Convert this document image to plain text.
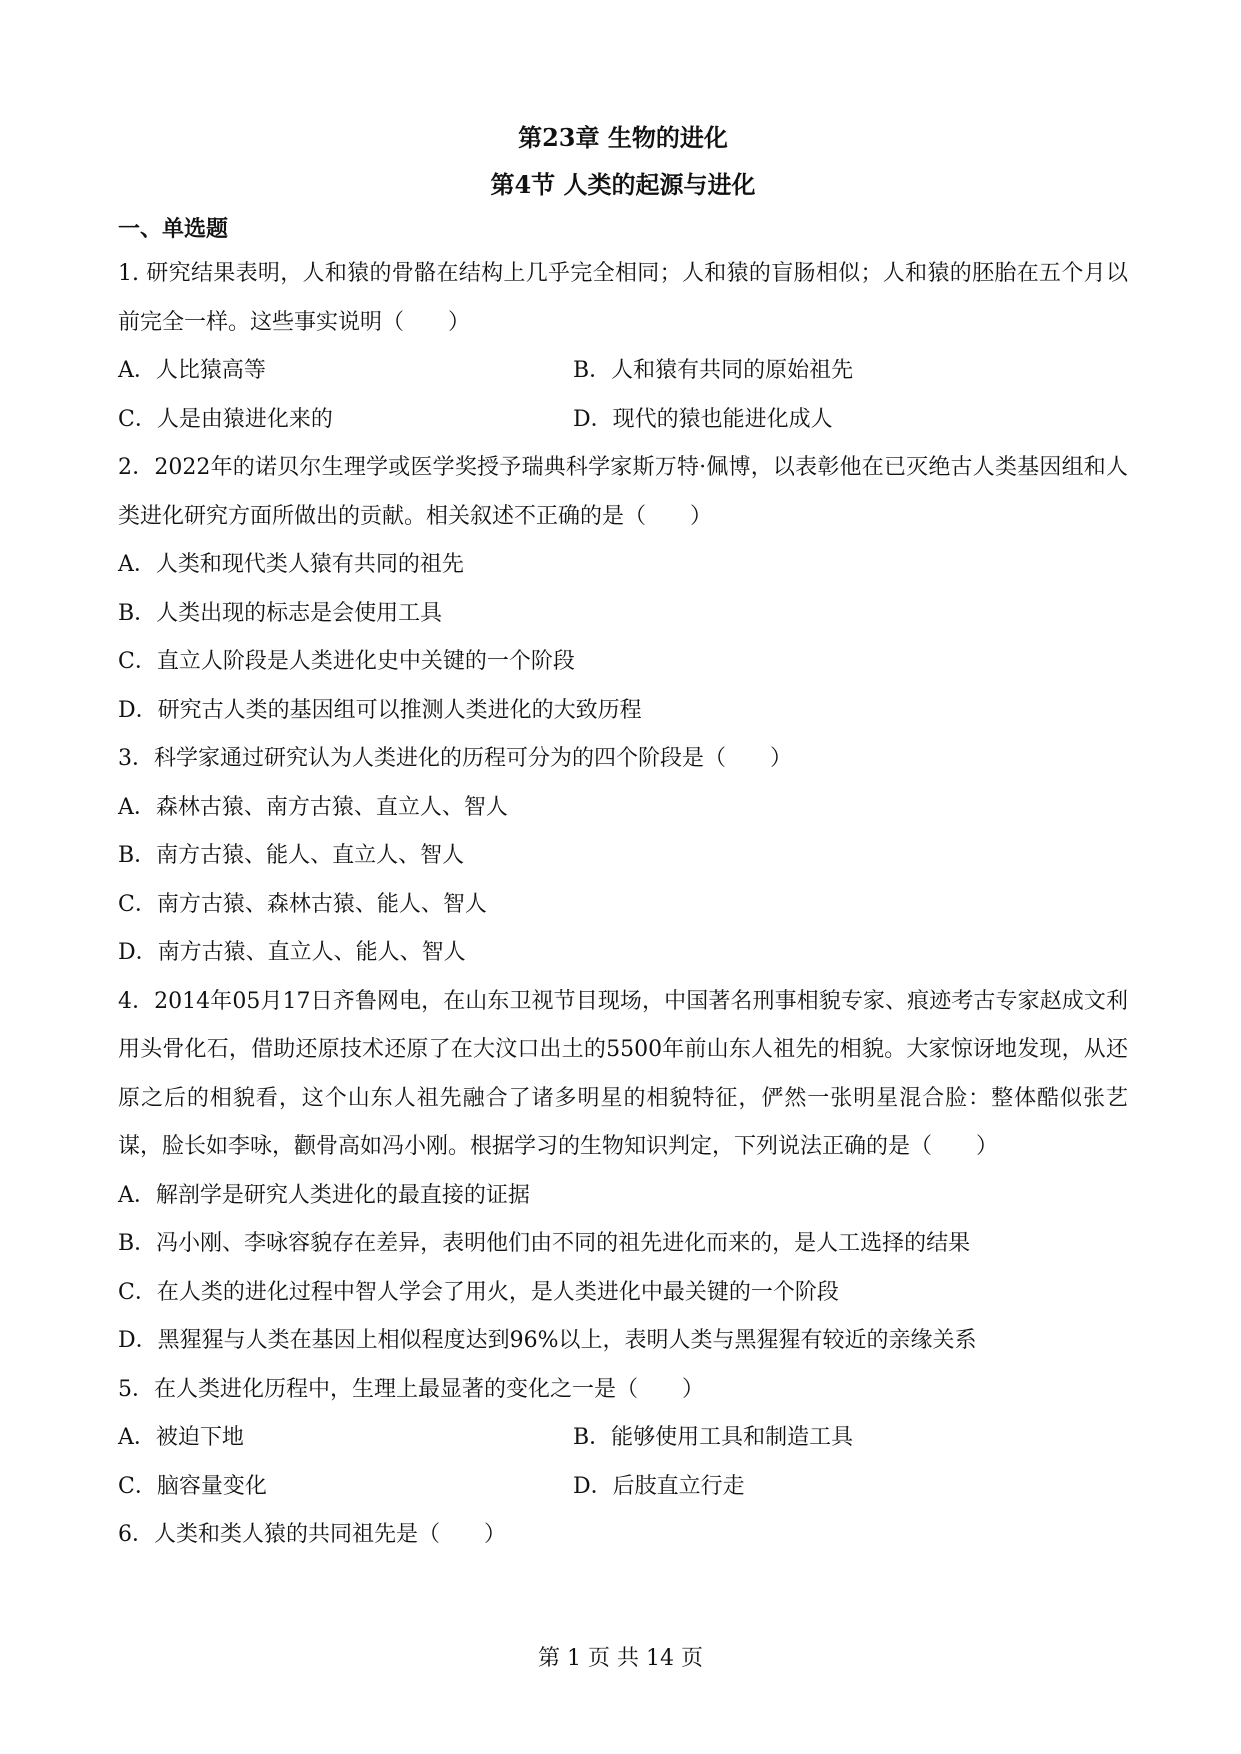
第23章 生物的进化

第4节 人类的起源与进化

一、单选题

1. 研究结果表明，人和猿的骨骼在结构上几乎完全相同；人和猿的盲肠相似；人和猿的胚胎在五个月以前完全一样。这些事实说明（　　）

A．人比猿高等	B．人和猿有共同的原始祖先
C．人是由猿进化来的	D．现代的猿也能进化成人

2．2022年的诺贝尔生理学或医学奖授予瑞典科学家斯万特·佩博，以表彰他在已灭绝古人类基因组和人类进化研究方面所做出的贡献。相关叙述不正确的是（　　）

A．人类和现代类人猿有共同的祖先

B．人类出现的标志是会使用工具

C．直立人阶段是人类进化史中关键的一个阶段

D．研究古人类的基因组可以推测人类进化的大致历程

3．科学家通过研究认为人类进化的历程可分为的四个阶段是（　　）

A．森林古猿、南方古猿、直立人、智人

B．南方古猿、能人、直立人、智人

C．南方古猿、森林古猿、能人、智人

D．南方古猿、直立人、能人、智人

4．2014年05月17日齐鲁网电，在山东卫视节目现场，中国著名刑事相貌专家、痕迹考古专家赵成文利用头骨化石，借助还原技术还原了在大汶口出土的5500年前山东人祖先的相貌。大家惊讶地发现，从还原之后的相貌看，这个山东人祖先融合了诸多明星的相貌特征，俨然一张明星混合脸：整体酷似张艺谋，脸长如李咏，颧骨高如冯小刚。根据学习的生物知识判定，下列说法正确的是（　　）

A．解剖学是研究人类进化的最直接的证据

B．冯小刚、李咏容貌存在差异，表明他们由不同的祖先进化而来的，是人工选择的结果

C．在人类的进化过程中智人学会了用火，是人类进化中最关键的一个阶段

D．黑猩猩与人类在基因上相似程度达到96%以上，表明人类与黑猩猩有较近的亲缘关系

5．在人类进化历程中，生理上最显著的变化之一是（　　）

A．被迫下地	B．能够使用工具和制造工具
C．脑容量变化	D．后肢直立行走

6．人类和类人猿的共同祖先是（　　）

第 1 页 共 14 页
